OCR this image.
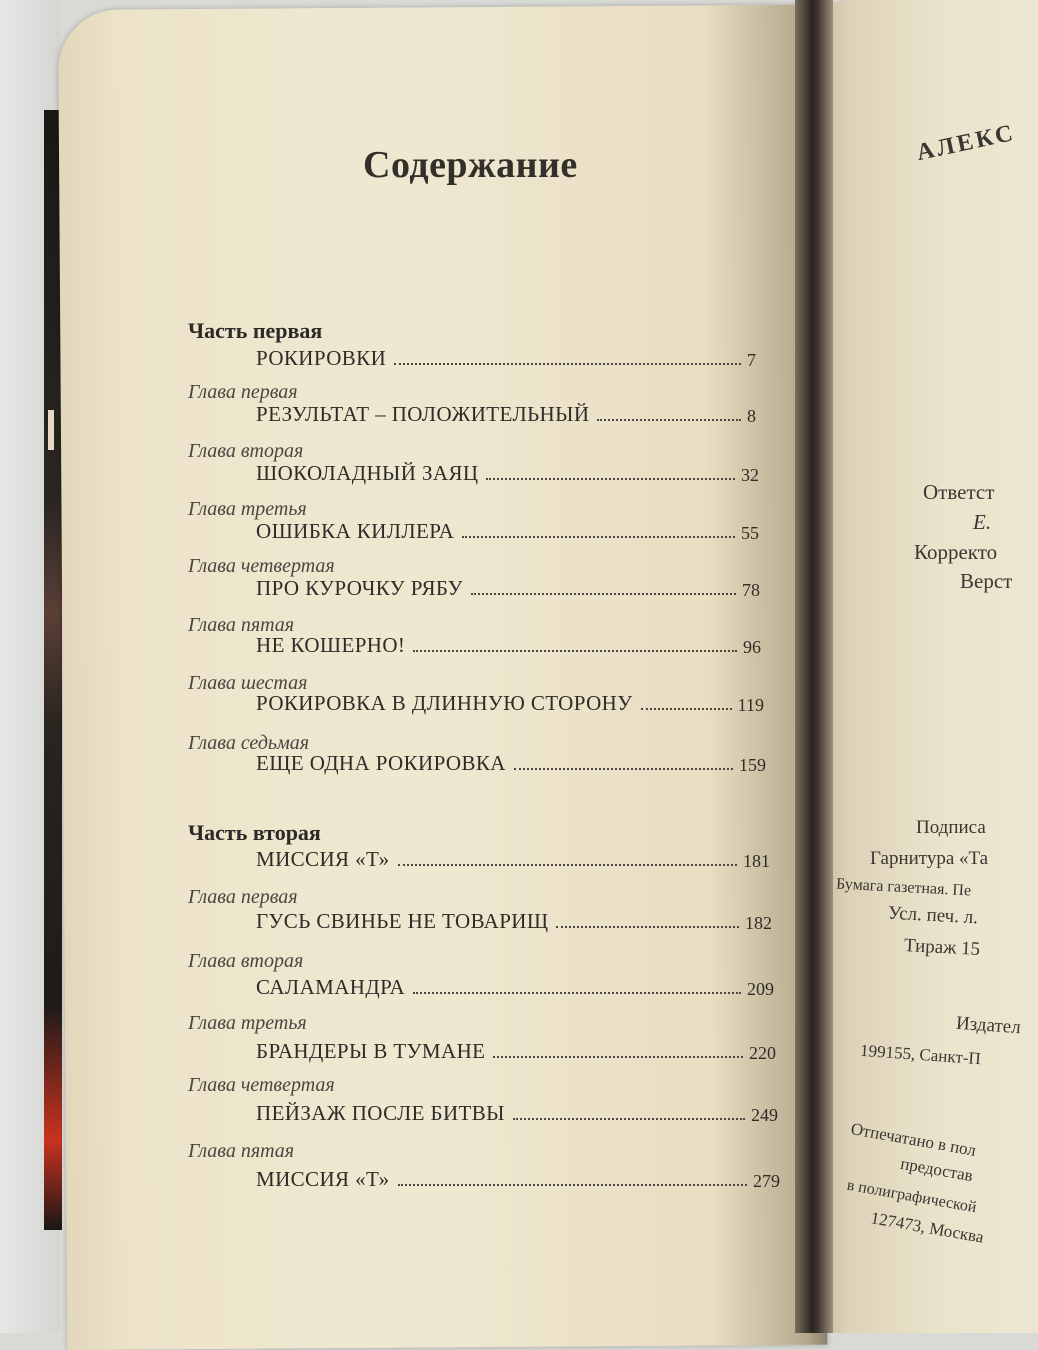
АЛЕКС
Ответст
Е.
Корректо
Верст
Подписа
Гарнитура «Та
Бумага газетная. Пе
Усл. печ. л.
Тираж 15
Издател
199155, Санкт-П
Отпечатано в пол
предостав
в полиграфической
127473, Москва
Содержание
Часть первая
РОКИРОВКИ	7
Глава первая
РЕЗУЛЬТАТ – ПОЛОЖИТЕЛЬНЫЙ	8
Глава вторая
ШОКОЛАДНЫЙ ЗАЯЦ	32
Глава третья
ОШИБКА КИЛЛЕРА	55
Глава четвертая
ПРО КУРОЧКУ РЯБУ	78
Глава пятая
НЕ КОШЕРНО!	96
Глава шестая
РОКИРОВКА В ДЛИННУЮ СТОРОНУ	119
Глава седьмая
ЕЩЕ ОДНА РОКИРОВКА	159
Часть вторая
МИССИЯ «Т»	181
Глава первая
ГУСЬ СВИНЬЕ НЕ ТОВАРИЩ	182
Глава вторая
САЛАМАНДРА	209
Глава третья
БРАНДЕРЫ В ТУМАНЕ	220
Глава четвертая
ПЕЙЗАЖ ПОСЛЕ БИТВЫ	249
Глава пятая
МИССИЯ «Т»	279
